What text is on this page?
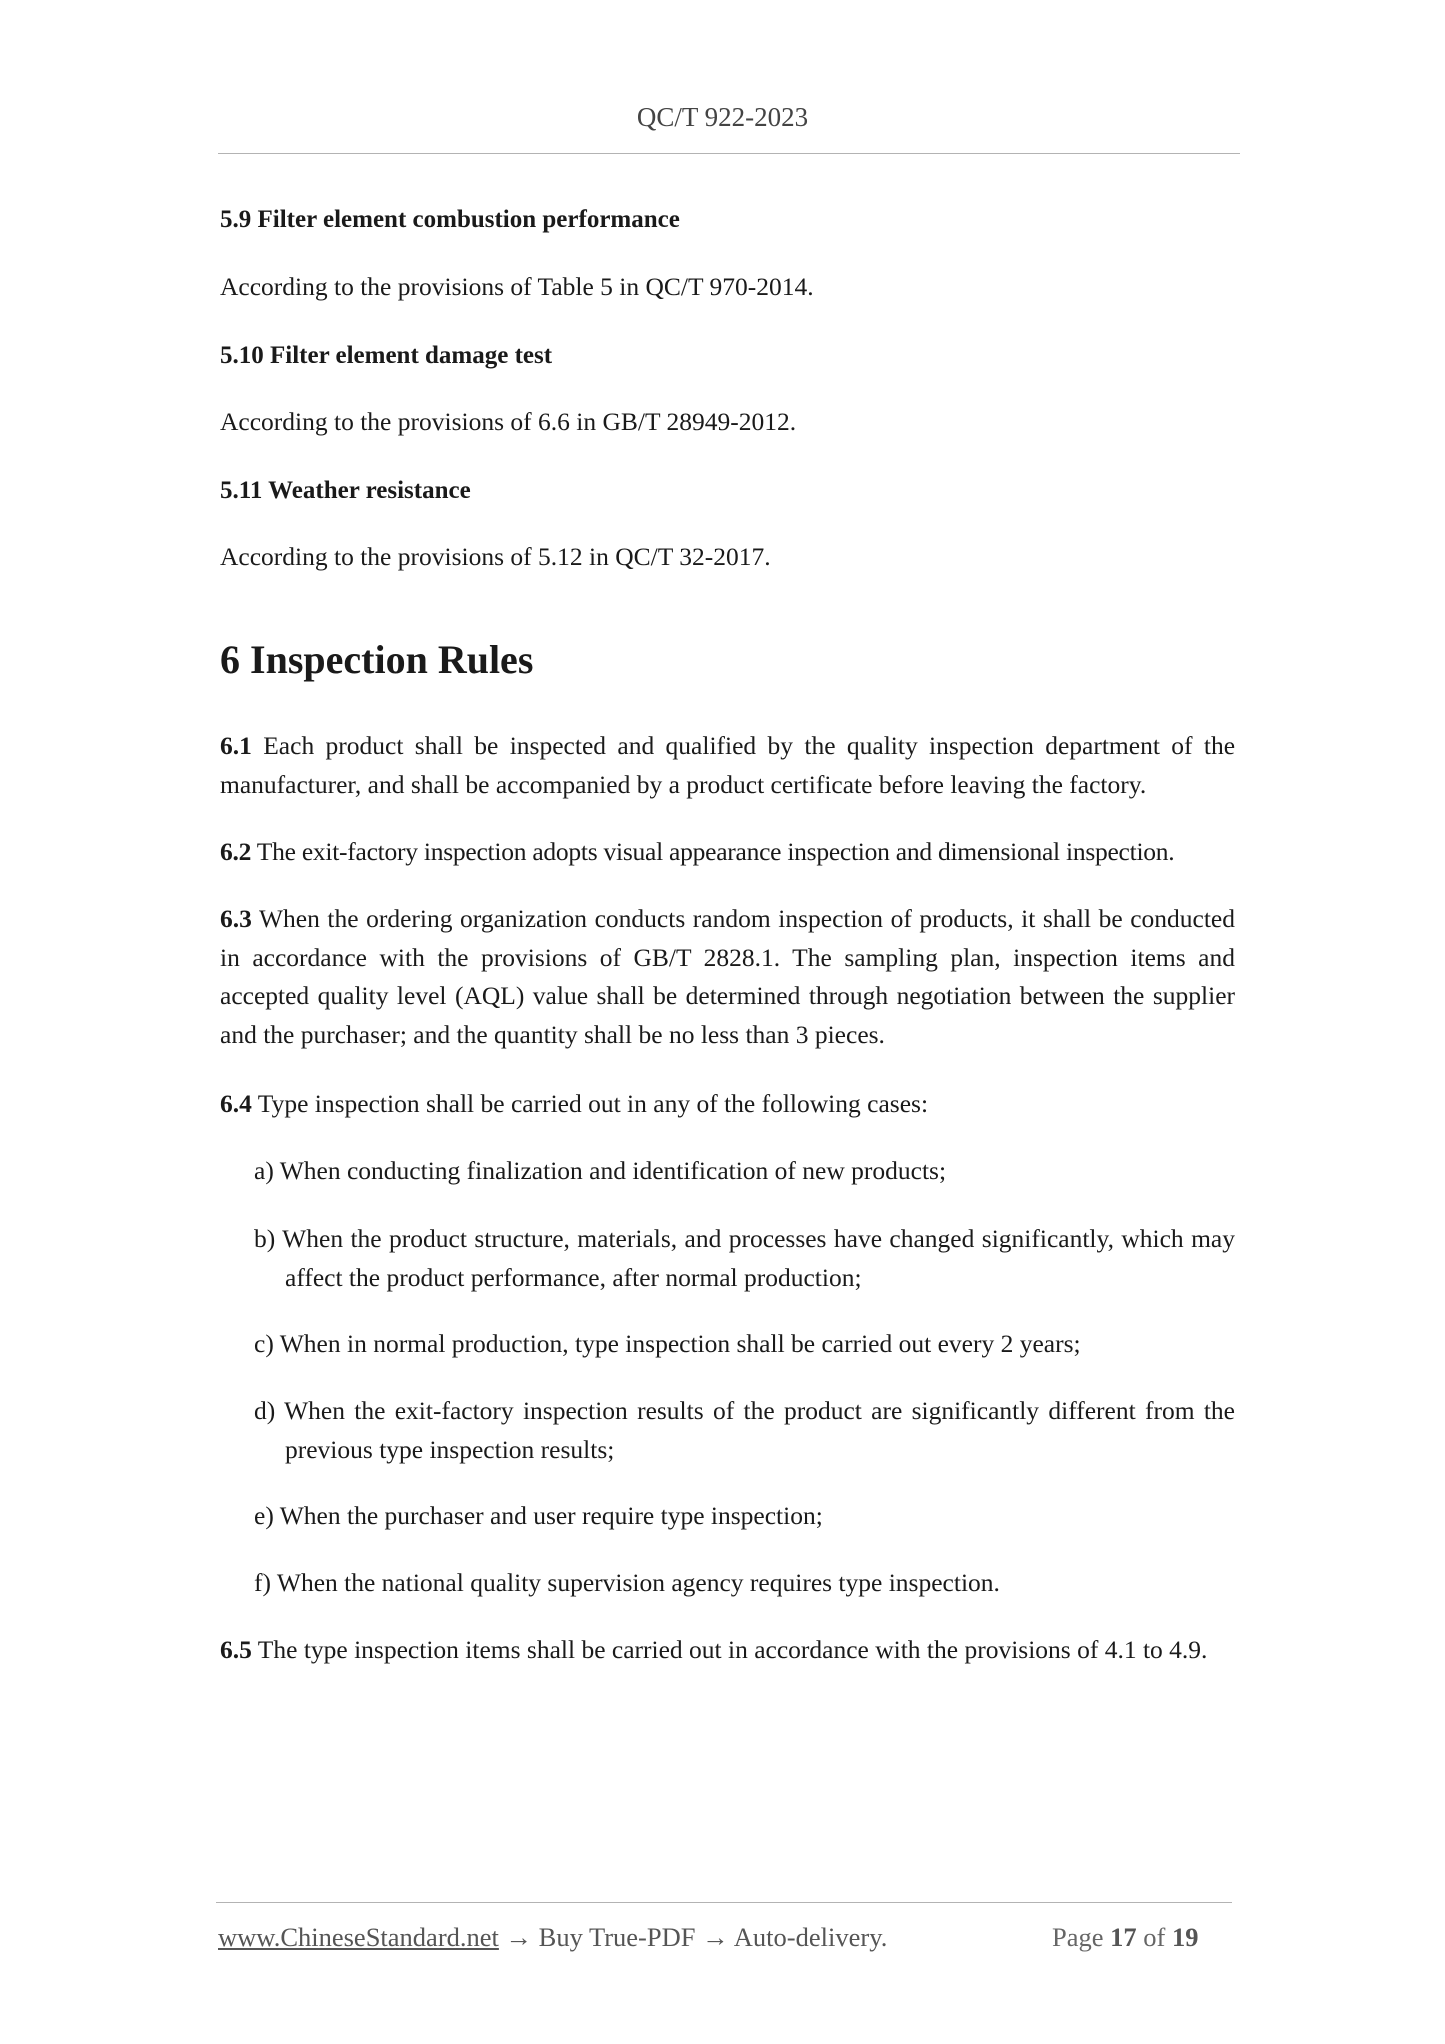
QC/T 922-2023
5.9 Filter element combustion performance
According to the provisions of Table 5 in QC/T 970-2014.
5.10 Filter element damage test
According to the provisions of 6.6 in GB/T 28949-2012.
5.11 Weather resistance
According to the provisions of 5.12 in QC/T 32-2017.
6 Inspection Rules
6.1 Each product shall be inspected and qualified by the quality inspection department of the manufacturer, and shall be accompanied by a product certificate before leaving the factory.
6.2 The exit-factory inspection adopts visual appearance inspection and dimensional inspection.
6.3 When the ordering organization conducts random inspection of products, it shall be conducted in accordance with the provisions of GB/T 2828.1. The sampling plan, inspection items and accepted quality level (AQL) value shall be determined through negotiation between the supplier and the purchaser; and the quantity shall be no less than 3 pieces.
6.4 Type inspection shall be carried out in any of the following cases:
a) When conducting finalization and identification of new products;
b) When the product structure, materials, and processes have changed significantly, which may affect the product performance, after normal production;
c) When in normal production, type inspection shall be carried out every 2 years;
d) When the exit-factory inspection results of the product are significantly different from the previous type inspection results;
e) When the purchaser and user require type inspection;
f) When the national quality supervision agency requires type inspection.
6.5 The type inspection items shall be carried out in accordance with the provisions of 4.1 to 4.9.
www.ChineseStandard.net → Buy True-PDF → Auto-delivery.	Page 17 of 19
